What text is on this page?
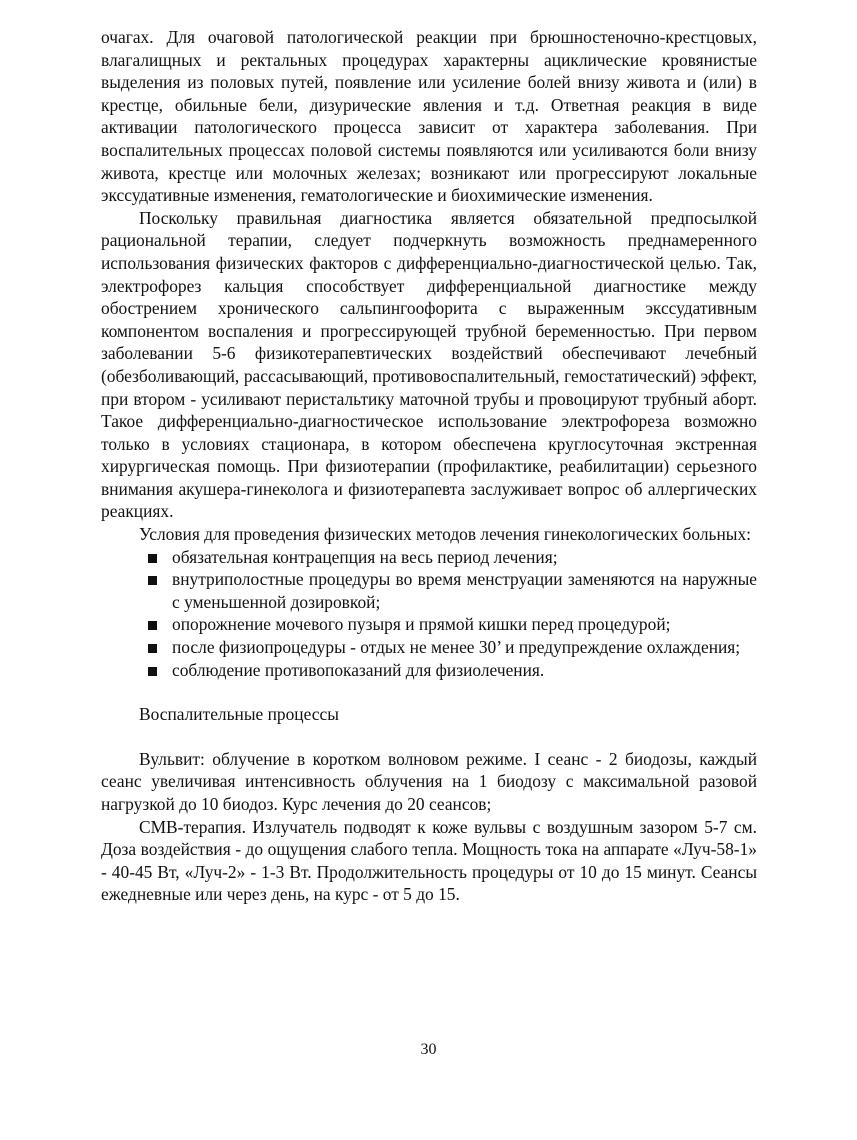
очагах. Для очаговой патологической реакции при брюшностеночно-крестцовых, влагалищных и ректальных процедурах характерны ациклические кровянистые выделения из половых путей, появление или усиление болей внизу живота и (или) в крестце, обильные бели, дизурические явления и т.д. Ответная реакция в виде активации патологического процесса зависит от характера заболевания. При воспалительных процессах половой системы появляются или усиливаются боли внизу живота, крестце или молочных железах; возникают или прогрессируют локальные экссудативные изменения, гематологические и биохимические изменения.

Поскольку правильная диагностика является обязательной предпосылкой рациональной терапии, следует подчеркнуть возможность преднамеренного использования физических факторов с дифференциально-диагностической целью. Так, электрофорез кальция способствует дифференциальной диагностике между обострением хронического сальпингоофорита с выраженным экссудативным компонентом воспаления и прогрессирующей трубной беременностью. При первом заболевании 5-6 физикотерапевтических воздействий обеспечивают лечебный (обезболивающий, рассасывающий, противовоспалительный, гемостатический) эффект, при втором - усиливают перистальтику маточной трубы и провоцируют трубный аборт. Такое дифференциально-диагностическое использование электрофореза возможно только в условиях стационара, в котором обеспечена круглосуточная экстренная хирургическая помощь. При физиотерапии (профилактике, реабилитации) серьезного внимания акушера-гинеколога и физиотерапевта заслуживает вопрос об аллергических реакциях.

Условия для проведения физических методов лечения гинекологических больных:

обязательная контрацепция на весь период лечения;
внутриполостные процедуры во время менструации заменяются на наружные с уменьшенной дозировкой;
опорожнение мочевого пузыря и прямой кишки перед процедурой;
после физиопроцедуры - отдых не менее 30’ и предупреждение охлаждения;
соблюдение противопоказаний для физиолечения.

Воспалительные процессы

Вульвит: облучение в коротком волновом режиме. I сеанс - 2 биодозы, каждый сеанс увеличивая интенсивность облучения на 1 биодозу с максимальной разовой нагрузкой до 10 биодоз. Курс лечения до 20 сеансов;

СМВ-терапия. Излучатель подводят к коже вульвы с воздушным зазором 5-7 см. Доза воздействия - до ощущения слабого тепла. Мощность тока на аппарате «Луч-58-1» - 40-45 Вт, «Луч-2» - 1-3 Вт. Продолжительность процедуры от 10 до 15 минут. Сеансы ежедневные или через день, на курс - от 5 до 15.

30
